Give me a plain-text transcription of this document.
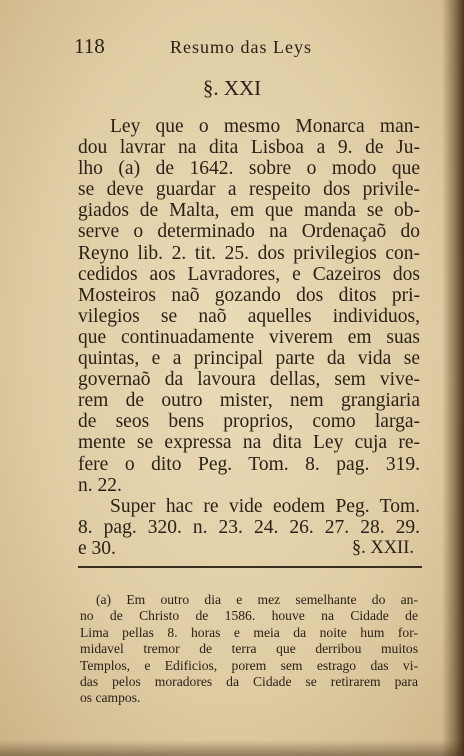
118	Resumo das Leys
§. XXI
Ley que o mesmo Monarca man-
dou lavrar na dita Lisboa a 9. de Ju-
lho (a) de 1642. sobre o modo que
se deve guardar a respeito dos privile-
giados de Malta, em que manda se ob-
serve o determinado na Ordenaçaõ do
Reyno lib. 2. tit. 25. dos privilegios con-
cedidos aos Lavradores, e Cazeiros dos
Mosteiros naõ gozando dos ditos pri-
vilegios se naõ aquelles individuos,
que continuadamente viverem em suas
quintas, e a principal parte da vida se
governaõ da lavoura dellas, sem vive-
rem de outro mister, nem grangiaria
de seos bens proprios, como larga-
mente se expressa na dita Ley cuja re-
fere o dito Peg. Tom. 8. pag. 319.
n. 22.
Super hac re vide eodem Peg. Tom.
8. pag. 320. n. 23. 24. 26. 27. 28. 29.
e 30.	§. XXII.
(a) Em outro dia e mez semelhante do an-
no de Christo de 1586. houve na Cidade de
Lima pellas 8. horas e meia da noite hum for-
midavel tremor de terra que derribou muitos
Templos, e Edificios, porem sem estrago das vi-
das pelos moradores da Cidade se retirarem para
os campos.
